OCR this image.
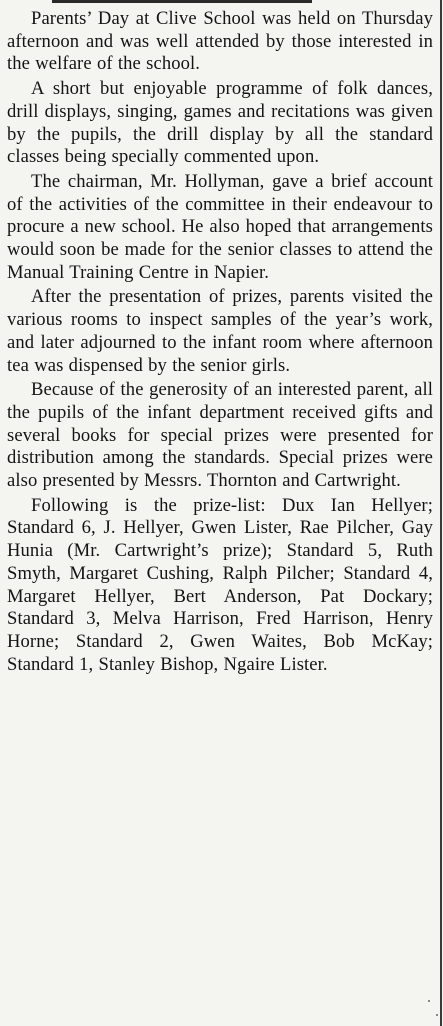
Parents’ Day at Clive School was held on Thursday afternoon and was well attended by those interested in the welfare of the school.

A short but enjoyable programme of folk dances, drill displays, singing, games and recitations was given by the pupils, the drill display by all the standard classes being specially commented upon.

The chairman, Mr. Hollyman, gave a brief account of the activities of the committee in their endeavour to procure a new school. He also hoped that arrangements would soon be made for the senior classes to attend the Manual Training Centre in Napier.

After the presentation of prizes, parents visited the various rooms to inspect samples of the year’s work, and later adjourned to the infant room where afternoon tea was dispensed by the senior girls.

Because of the generosity of an interested parent, all the pupils of the infant department received gifts and several books for special prizes were presented for distribution among the standards. Special prizes were also presented by Messrs. Thornton and Cartwright.

Following is the prize-list: Dux Ian Hellyer; Standard 6, J. Hellyer, Gwen Lister, Rae Pilcher, Gay Hunia (Mr. Cartwright’s prize); Standard 5, Ruth Smyth, Margaret Cushing, Ralph Pilcher; Standard 4, Margaret Hellyer, Bert Anderson, Pat Dockary; Standard 3, Melva Harrison, Fred Harrison, Henry Horne; Standard 2, Gwen Waites, Bob McKay; Standard 1, Stanley Bishop, Ngaire Lister.
